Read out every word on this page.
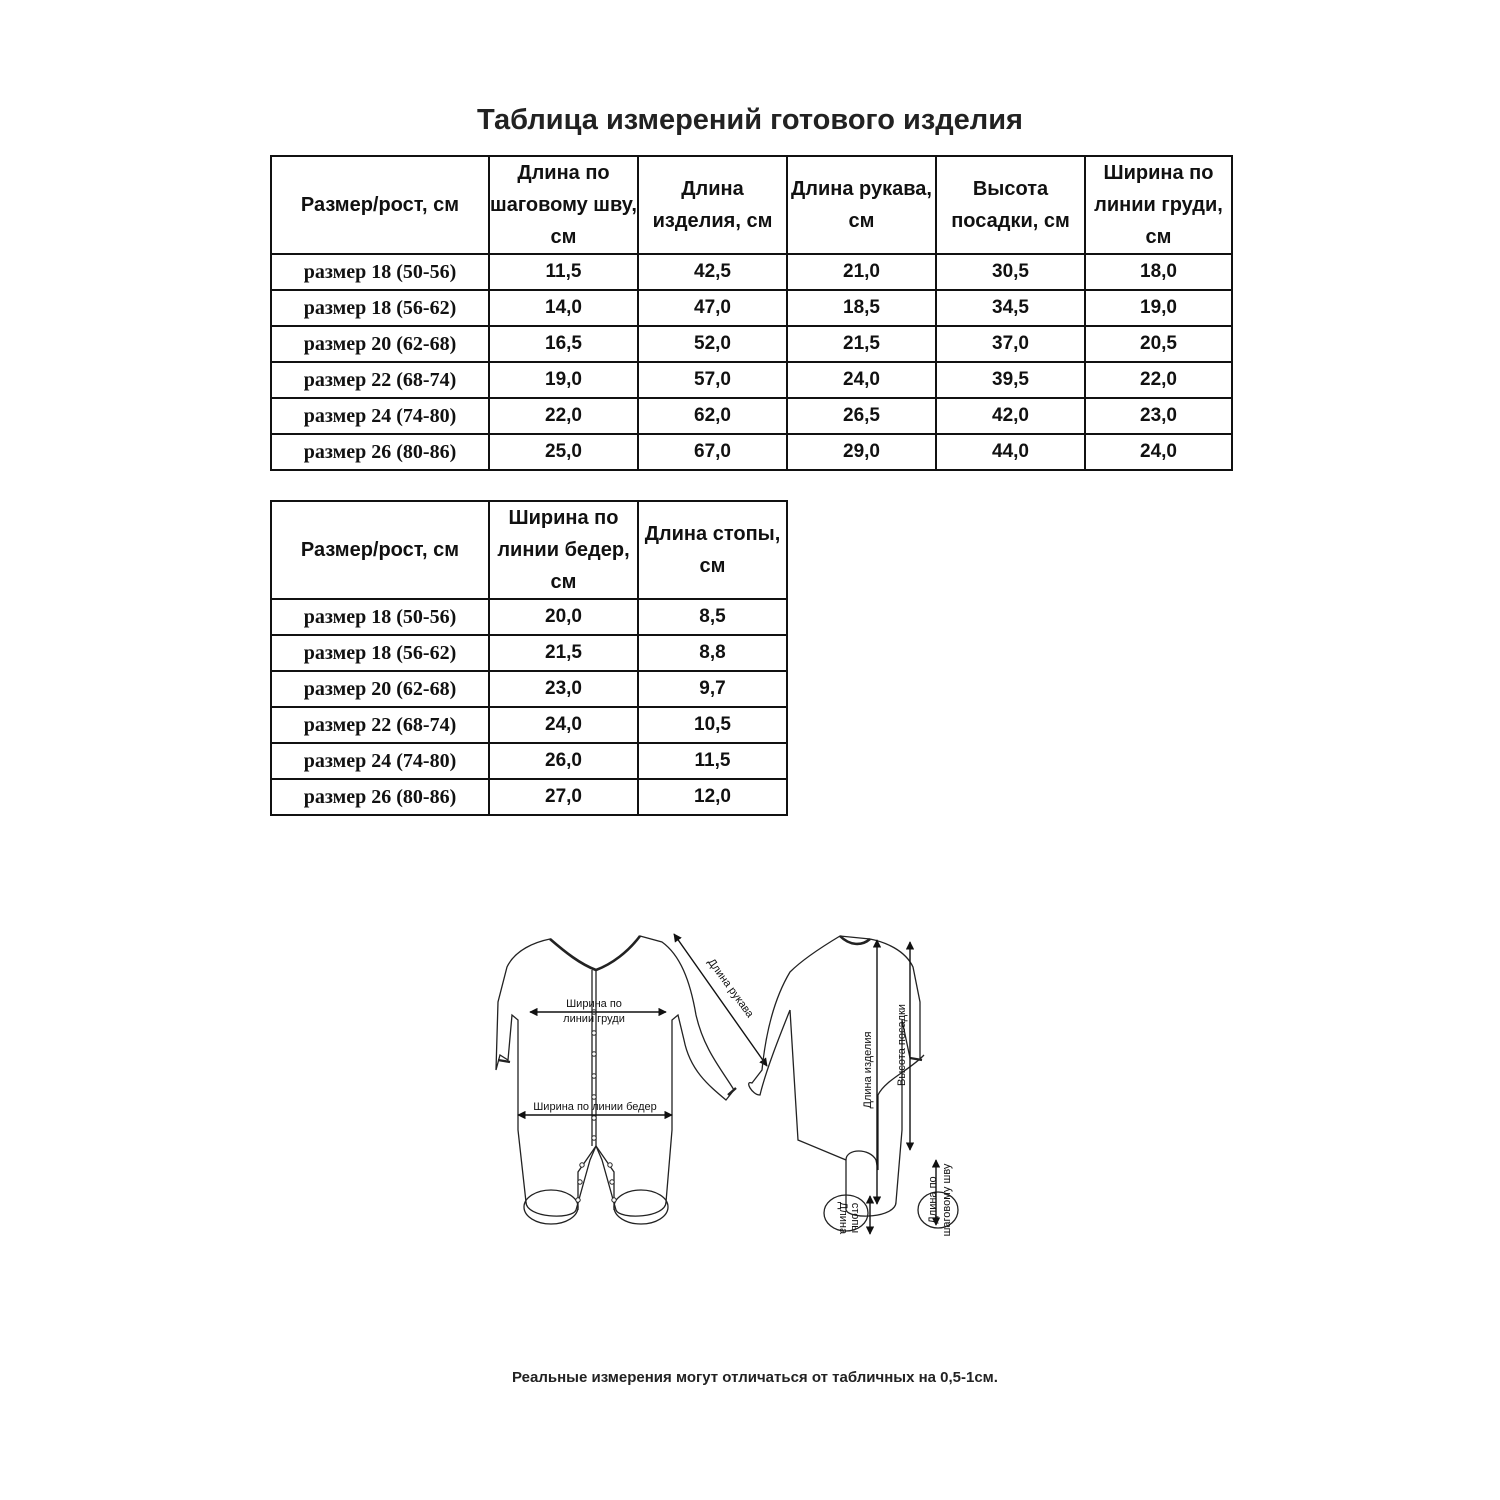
Таблица измерений готового изделия
Размер/рост, см	Длина по шаговому шву, см	Длина изделия, см	Длина рукава, см	Высота посадки, см	Ширина по линии груди, см
размер 18 (50-56)	11,5	42,5	21,0	30,5	18,0
размер 18 (56-62)	14,0	47,0	18,5	34,5	19,0
размер 20 (62-68)	16,5	52,0	21,5	37,0	20,5
размер 22 (68-74)	19,0	57,0	24,0	39,5	22,0
размер 24 (74-80)	22,0	62,0	26,5	42,0	23,0
размер 26 (80-86)	25,0	67,0	29,0	44,0	24,0
Размер/рост, см	Ширина по линии бедер, см	Длина стопы, см
размер 18 (50-56)	20,0	8,5
размер 18 (56-62)	21,5	8,8
размер 20 (62-68)	23,0	9,7
размер 22 (68-74)	24,0	10,5
размер 24 (74-80)	26,0	11,5
размер 26 (80-86)	27,0	12,0
Ширина по
линии груди
Ширина по линии бедер
Длина рукава
Длина изделия Высота посадки
Длина по шаговому шву
Длина стопы
Реальные измерения могут отличаться от табличных на 0,5-1см.
